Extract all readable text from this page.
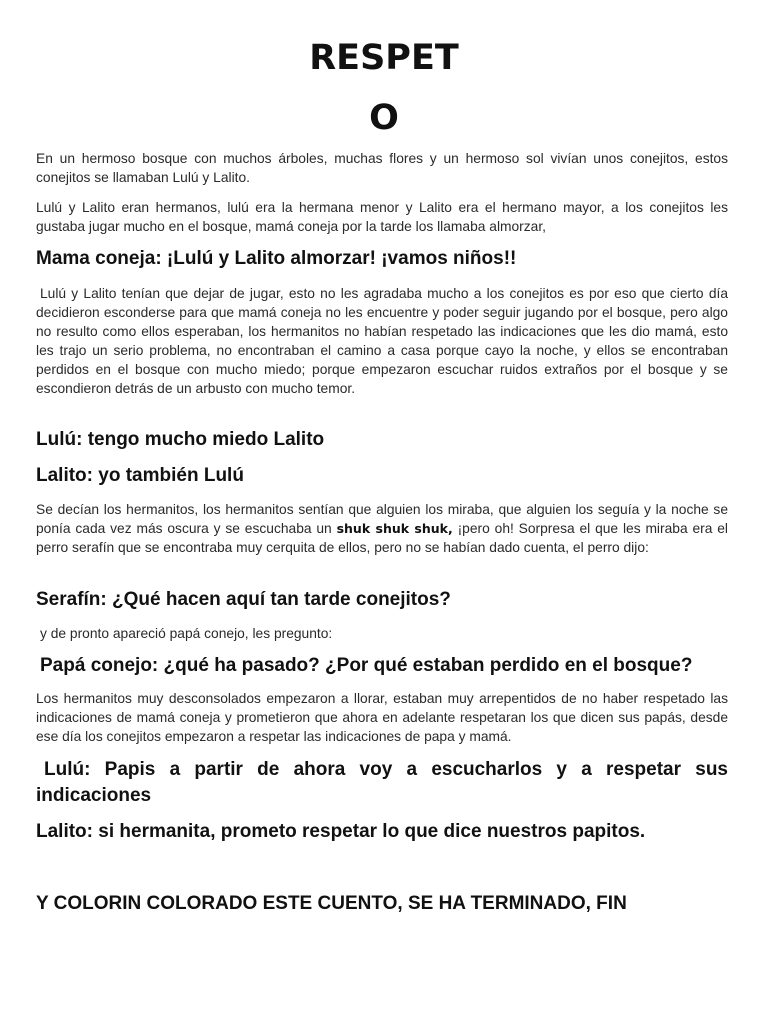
RESPET
O

En un hermoso bosque con muchos árboles, muchas flores y un hermoso sol vivían unos conejitos, estos conejitos se llamaban Lulú y Lalito.

Lulú y Lalito eran hermanos, lulú era la hermana menor y Lalito era el hermano mayor, a los conejitos les gustaba jugar mucho en el bosque, mamá coneja por la tarde los llamaba almorzar,

Mama coneja: ¡Lulú y Lalito almorzar! ¡vamos niños!!

Lulú y Lalito tenían que dejar de jugar, esto no les agradaba mucho a los conejitos es por eso que cierto día decidieron esconderse para que mamá coneja no les encuentre y poder seguir jugando por el bosque, pero algo no resulto como ellos esperaban, los hermanitos no habían respetado las indicaciones que les dio mamá, esto les trajo un serio problema, no encontraban el camino a casa porque cayo la noche, y ellos se encontraban perdidos en el bosque con mucho miedo; porque empezaron escuchar ruidos extraños por el bosque y se escondieron detrás de un arbusto con mucho temor.

Lulú: tengo mucho miedo Lalito

Lalito: yo también Lulú

Se decían los hermanitos, los hermanitos sentían que alguien los miraba, que alguien los seguía y la noche se ponía cada vez más oscura y se escuchaba un shuk shuk shuk, ¡pero oh! Sorpresa el que les miraba era el perro serafín que se encontraba muy cerquita de ellos, pero no se habían dado cuenta, el perro dijo:

Serafín: ¿Qué hacen aquí tan tarde conejitos?

y de pronto apareció papá conejo, les pregunto:

Papá conejo: ¿qué ha pasado? ¿Por qué estaban perdido en el bosque?

Los hermanitos muy desconsolados empezaron a llorar, estaban muy arrepentidos de no haber respetado las indicaciones de mamá coneja y prometieron que ahora en adelante respetaran los que dicen sus papás, desde ese día los conejitos empezaron a respetar las indicaciones de papa y mamá.

Lulú: Papis a partir de ahora voy a escucharlos y a respetar sus indicaciones

Lalito: si hermanita, prometo respetar lo que dice nuestros papitos.

Y COLORIN COLORADO ESTE CUENTO, SE HA TERMINADO, FIN
